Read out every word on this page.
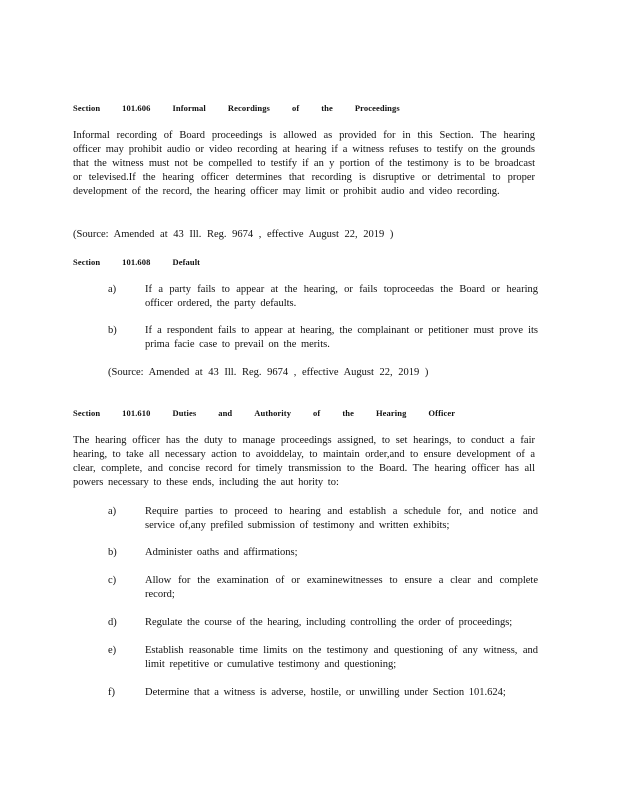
Section	101.606	Informal	Recordings	of	the	Proceedings
Informal recording of Board proceedings is allowed as provided for in this Section. The hearing officer may prohibit audio or video recording at hearing if a witness refuses to testify on the grounds that the witness must not be compelled to testify if an y portion of the testimony is to be broadcast or televised.If the hearing officer determines that recording is disruptive or detrimental to proper development of the record, the hearing officer may limit or prohibit audio and video recording.
(Source: Amended at 43 Ill. Reg. 9674 , effective August 22, 2019 )
Section	101.608	Default
a)	If a party fails to appear at the hearing, or fails toproceedas the Board or hearing officer ordered, the party defaults.
b)	If a respondent fails to appear at hearing, the complainant or petitioner must prove its prima facie case to prevail on the merits.
(Source: Amended at 43 Ill. Reg. 9674 , effective August 22, 2019 )
Section	101.610	Duties	and	Authority	of	the	Hearing	Officer
The hearing officer has the duty to manage proceedings assigned, to set hearings, to conduct a fair hearing, to take all necessary action to avoiddelay, to maintain order,and to ensure development of a clear, complete, and concise record for timely transmission to the Board. The hearing officer has all powers necessary to these ends, including the aut hority to:
a)	Require parties to proceed to hearing and establish a schedule for, and notice and service of,any prefiled submission of testimony and written exhibits;
b)	Administer oaths and affirmations;
c)	Allow for the examination of or examinewitnesses to ensure a clear and complete record;
d)	Regulate the course of the hearing, including controlling the order of proceedings;
e)	Establish reasonable time limits on the testimony and questioning of any witness, and limit repetitive or cumulative testimony and questioning;
f)	Determine that a witness is adverse, hostile, or unwilling under Section 101.624;
